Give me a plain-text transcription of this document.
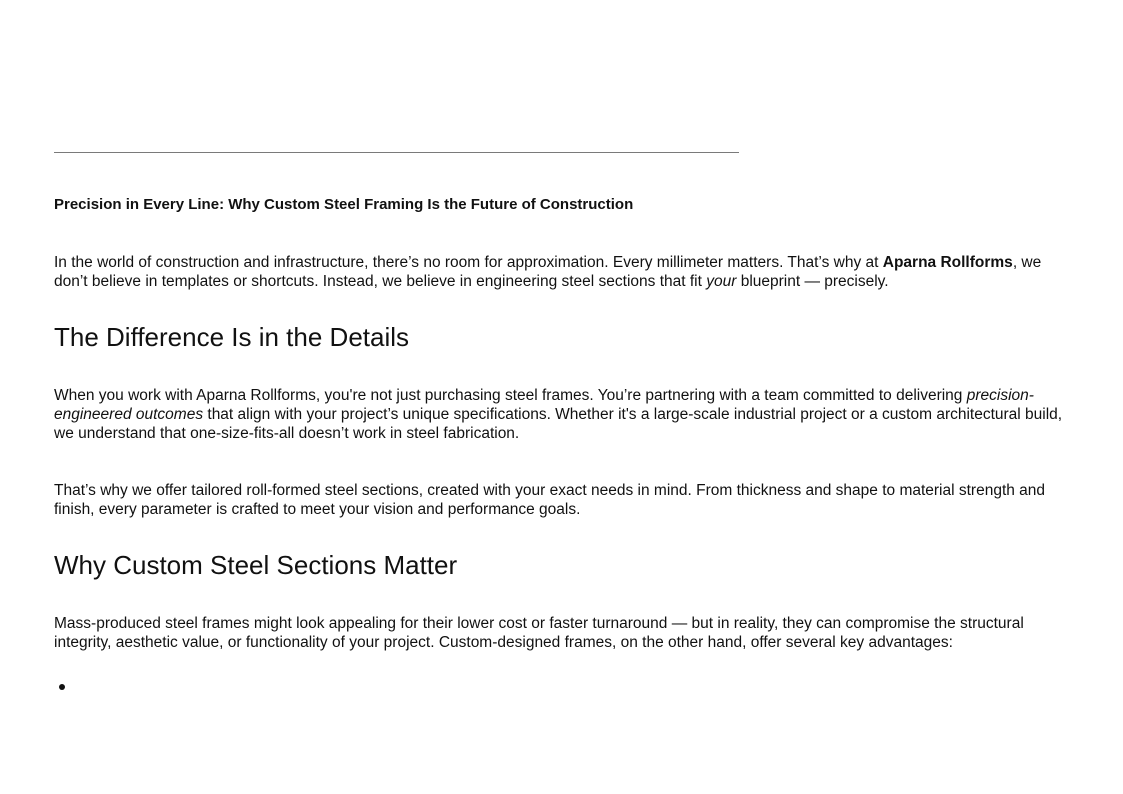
Precision in Every Line: Why Custom Steel Framing Is the Future of Construction

In the world of construction and infrastructure, there’s no room for approximation. Every millimeter matters. That’s why at Aparna Rollforms, we don’t believe in templates or shortcuts. Instead, we believe in engineering steel sections that fit your blueprint — precisely.

The Difference Is in the Details

When you work with Aparna Rollforms, you're not just purchasing steel frames. You’re partnering with a team committed to delivering precision-engineered outcomes that align with your project’s unique specifications. Whether it's a large-scale industrial project or a custom architectural build, we understand that one-size-fits-all doesn’t work in steel fabrication.

That’s why we offer tailored roll-formed steel sections, created with your exact needs in mind. From thickness and shape to material strength and finish, every parameter is crafted to meet your vision and performance goals.

Why Custom Steel Sections Matter

Mass-produced steel frames might look appealing for their lower cost or faster turnaround — but in reality, they can compromise the structural integrity, aesthetic value, or functionality of your project. Custom-designed frames, on the other hand, offer several key advantages:
